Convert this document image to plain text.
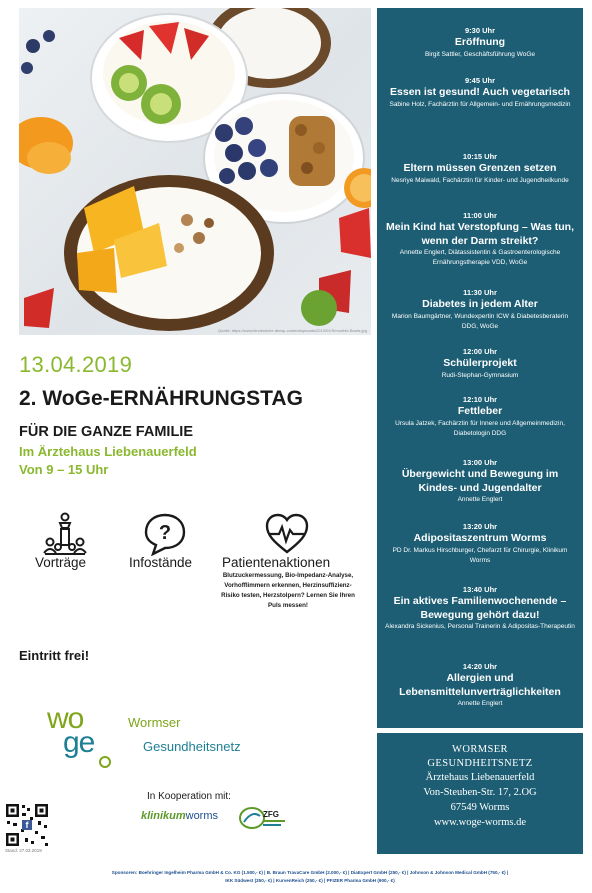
Quelle: https://www.kindersiche.de/wp-content/uploads/2019/01/Smoothie-Bowls.jpg
13.04.2019
2. WoGe-ERNÄHRUNGSTAG
FÜR DIE GANZE FAMILIE
Im Ärztehaus Liebenauerfeld
Von 9 – 15 Uhr
Vorträge
?
Infostände Patientenaktionen
Blutzuckermessung, Bio-Impedanz-Analyse, Vorhofflimmern erkennen, Herzinsuffizienz-Risiko testen, Herzstolpern? Lernen Sie Ihren Puls messen!
Eintritt frei!
wo
ge
Wormser
Gesundheitsnetz
In Kooperation mit:
klinikumworms	ZFG
f
Stand: 27.03.2019
Sponsoren: Boehringer Ingelheim Pharma GmbH & Co. KG (1.500,- €) | B. Braun TravaCare GmbH (2.000,- €) | DiaExpert GmbH (250,- €) | Johnson & Johnson Medical GmbH (750,- €) |
IKK Südwest (250,- €) | KurvenReich (250,- €) | PFIZER Pharma GmbH (900,- €)
9:30 Uhr
Eröffnung
Birgit Sattler, Geschäftsführung WoGe
9:45 Uhr
Essen ist gesund! Auch vegetarisch
Sabine Holz, Fachärztin für Allgemein- und Ernährungsmedizin
10:15 Uhr
Eltern müssen Grenzen setzen
Nesriye Maiwald, Fachärztin für Kinder- und Jugendheilkunde
11:00 Uhr
Mein Kind hat Verstopfung – Was tun, wenn der Darm streikt?
Annette Englert, Diätassistentin & Gastroenterologische Ernährungstherapie VDD, WoGe
11:30 Uhr
Diabetes in jedem Alter
Marion Baumgärtner, Wundexpertin ICW & Diabetesberaterin DDG, WoGe
12:00 Uhr
Schülerprojekt
Rudi-Stephan-Gymnasium
12:10 Uhr
Fettleber
Ursula Jatzek, Fachärztin für Innere und Allgemeinmedizin, Diabetologin DDG
13:00 Uhr
Übergewicht und Bewegung im Kindes- und Jugendalter
Annette Englert
13:20 Uhr
Adipositaszentrum Worms
PD Dr. Markus Hirschburger, Chefarzt für Chirurgie, Klinikum Worms
13:40 Uhr
Ein aktives Familienwochenende – Bewegung gehört dazu!
Alexandra Sickenius, Personal Trainerin & Adipositas-Therapeutin
14:20 Uhr
Allergien und Lebensmittelunverträglichkeiten
Annette Englert
WORMSER
GESUNDHEITSNETZ
Ärztehaus Liebenauerfeld
Von-Steuben-Str. 17, 2.OG
67549 Worms
www.woge-worms.de
